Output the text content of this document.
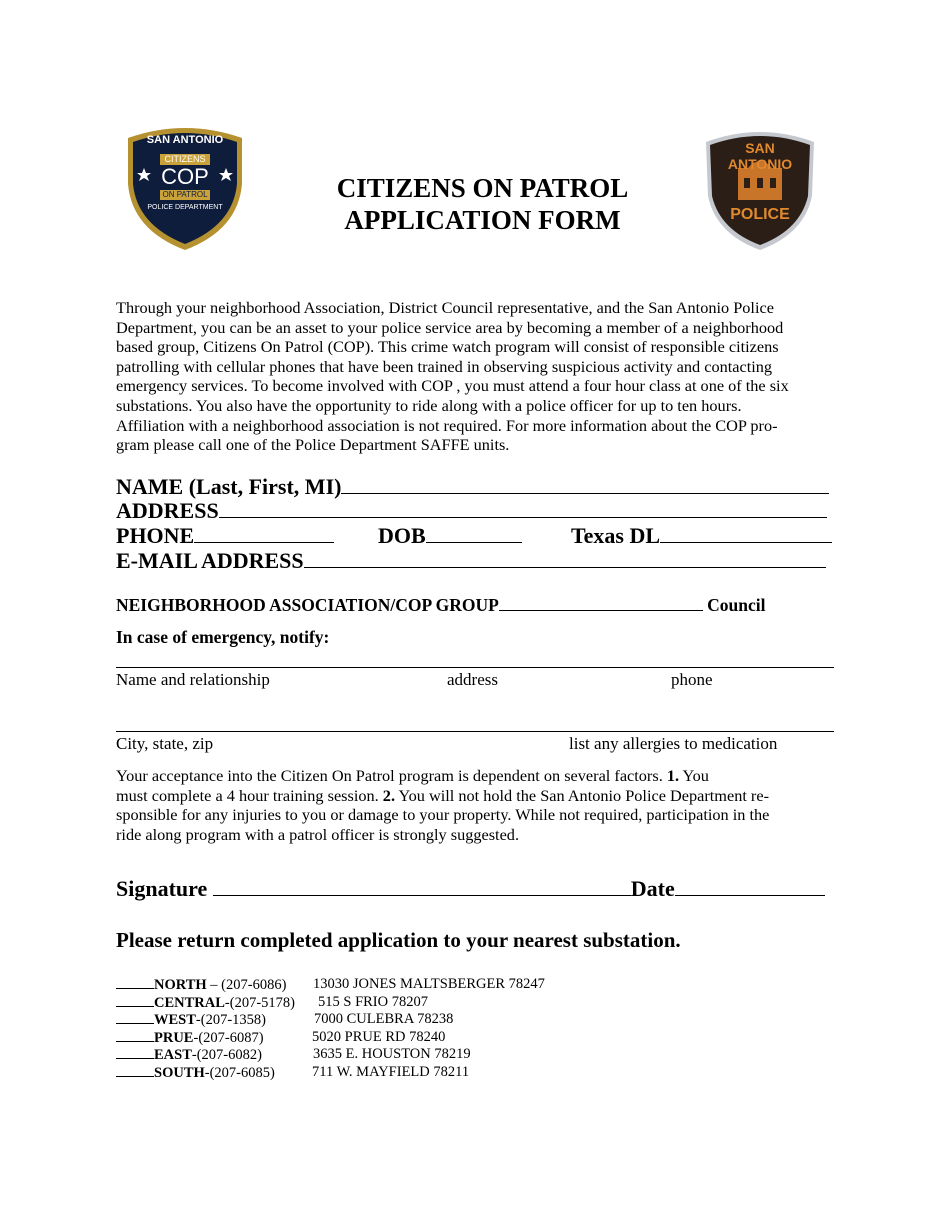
SAN ANTONIO
CITIZENS
COP
ON PATROL
POLICE DEPARTMENT
CITIZENS ON PATROL
APPLICATION FORM
SAN ANTONIO
POLICE
Through your neighborhood Association, District Council representative, and the San Antonio Police
Department, you can be an asset to your police service area by becoming a member of a neighborhood
based group, Citizens On Patrol (COP). This crime watch program will consist of responsible citizens
patrolling with cellular phones that have been trained in observing suspicious activity and contacting
emergency services. To become involved with COP , you must attend a four hour class at one of the six
substations. You also have the opportunity to ride along with a police officer for up to ten hours.
Affiliation with a neighborhood association is not required. For more information about the COP pro-
gram please call one of the Police Department SAFFE units.
NAME (Last, First, MI)
ADDRESS
PHONE	DOB	Texas DL
E-MAIL ADDRESS
NEIGHBORHOOD ASSOCIATION/COP GROUP	Council
In case of emergency, notify:
Name and relationship	address	phone
City, state, zip	list any allergies to medication
Your acceptance into the Citizen On Patrol program is dependent on several factors. 1. You
must complete a 4 hour training session. 2. You will not hold the San Antonio Police Department re-
sponsible for any injuries to you or damage to your property. While not required, participation in the
ride along program with a patrol officer is strongly suggested.
Signature	Date
Please return completed application to your nearest substation.
NORTH – (207-6086) 13030 JONES MALTSBERGER 78247
CENTRAL-(207-5178) 515 S FRIO 78207
WEST-(207-1358)	7000 CULEBRA 78238
PRUE-(207-6087)	5020 PRUE RD 78240
EAST-(207-6082)	3635 E. HOUSTON 78219
SOUTH-(207-6085)	711 W. MAYFIELD 78211
